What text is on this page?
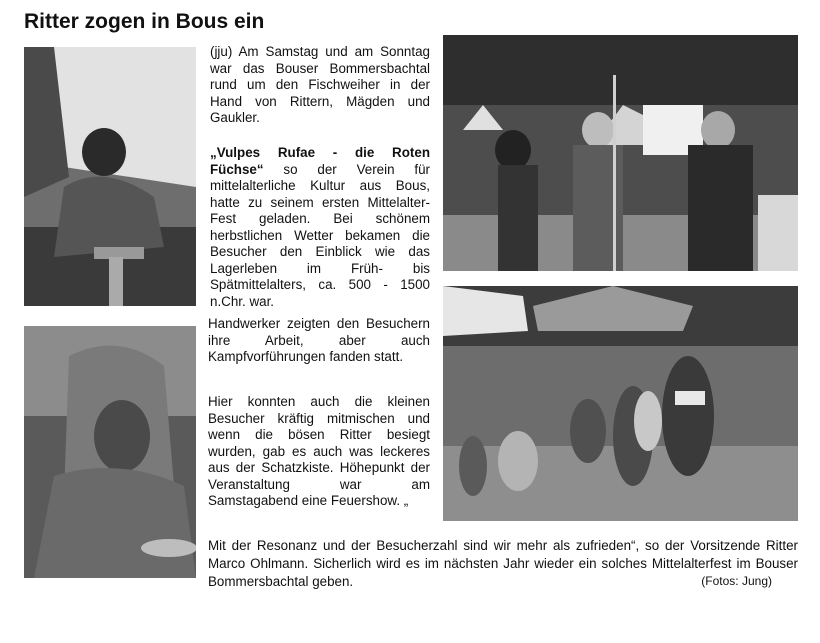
Ritter zogen in Bous ein

(jju) Am Samstag und am Sonntag war das Bouser Bommersbachtal rund um den Fischweiher in der Hand von Rittern, Mägden und Gaukler.

„Vulpes Rufae - die Roten Füchse“ so der Verein für mittelalterliche Kultur aus Bous, hatte zu seinem ersten Mittelalter-Fest geladen. Bei schönem herbstlichen Wetter bekamen die Besucher den Einblick wie das Lagerleben im Früh- bis Spätmittelalters, ca. 500 - 1500 n.Chr. war.

Handwerker zeigten den Besuchern ihre Arbeit, aber auch Kampfvorführungen fanden statt.

Hier konnten auch die kleinen Besucher kräftig mitmischen und wenn die bösen Ritter besiegt wurden, gab es auch was leckeres aus der Schatzkiste. Höhepunkt der Veranstaltung war am Samstagabend eine Feuershow. „

Mit der Resonanz und der Besucherzahl sind wir mehr als zufrieden“, so der Vorsitzende Ritter Marco Ohlmann. Sicherlich wird es im nächsten Jahr wieder ein solches Mittelalterfest im Bouser Bommersbachtal geben.	(Fotos: Jung)
